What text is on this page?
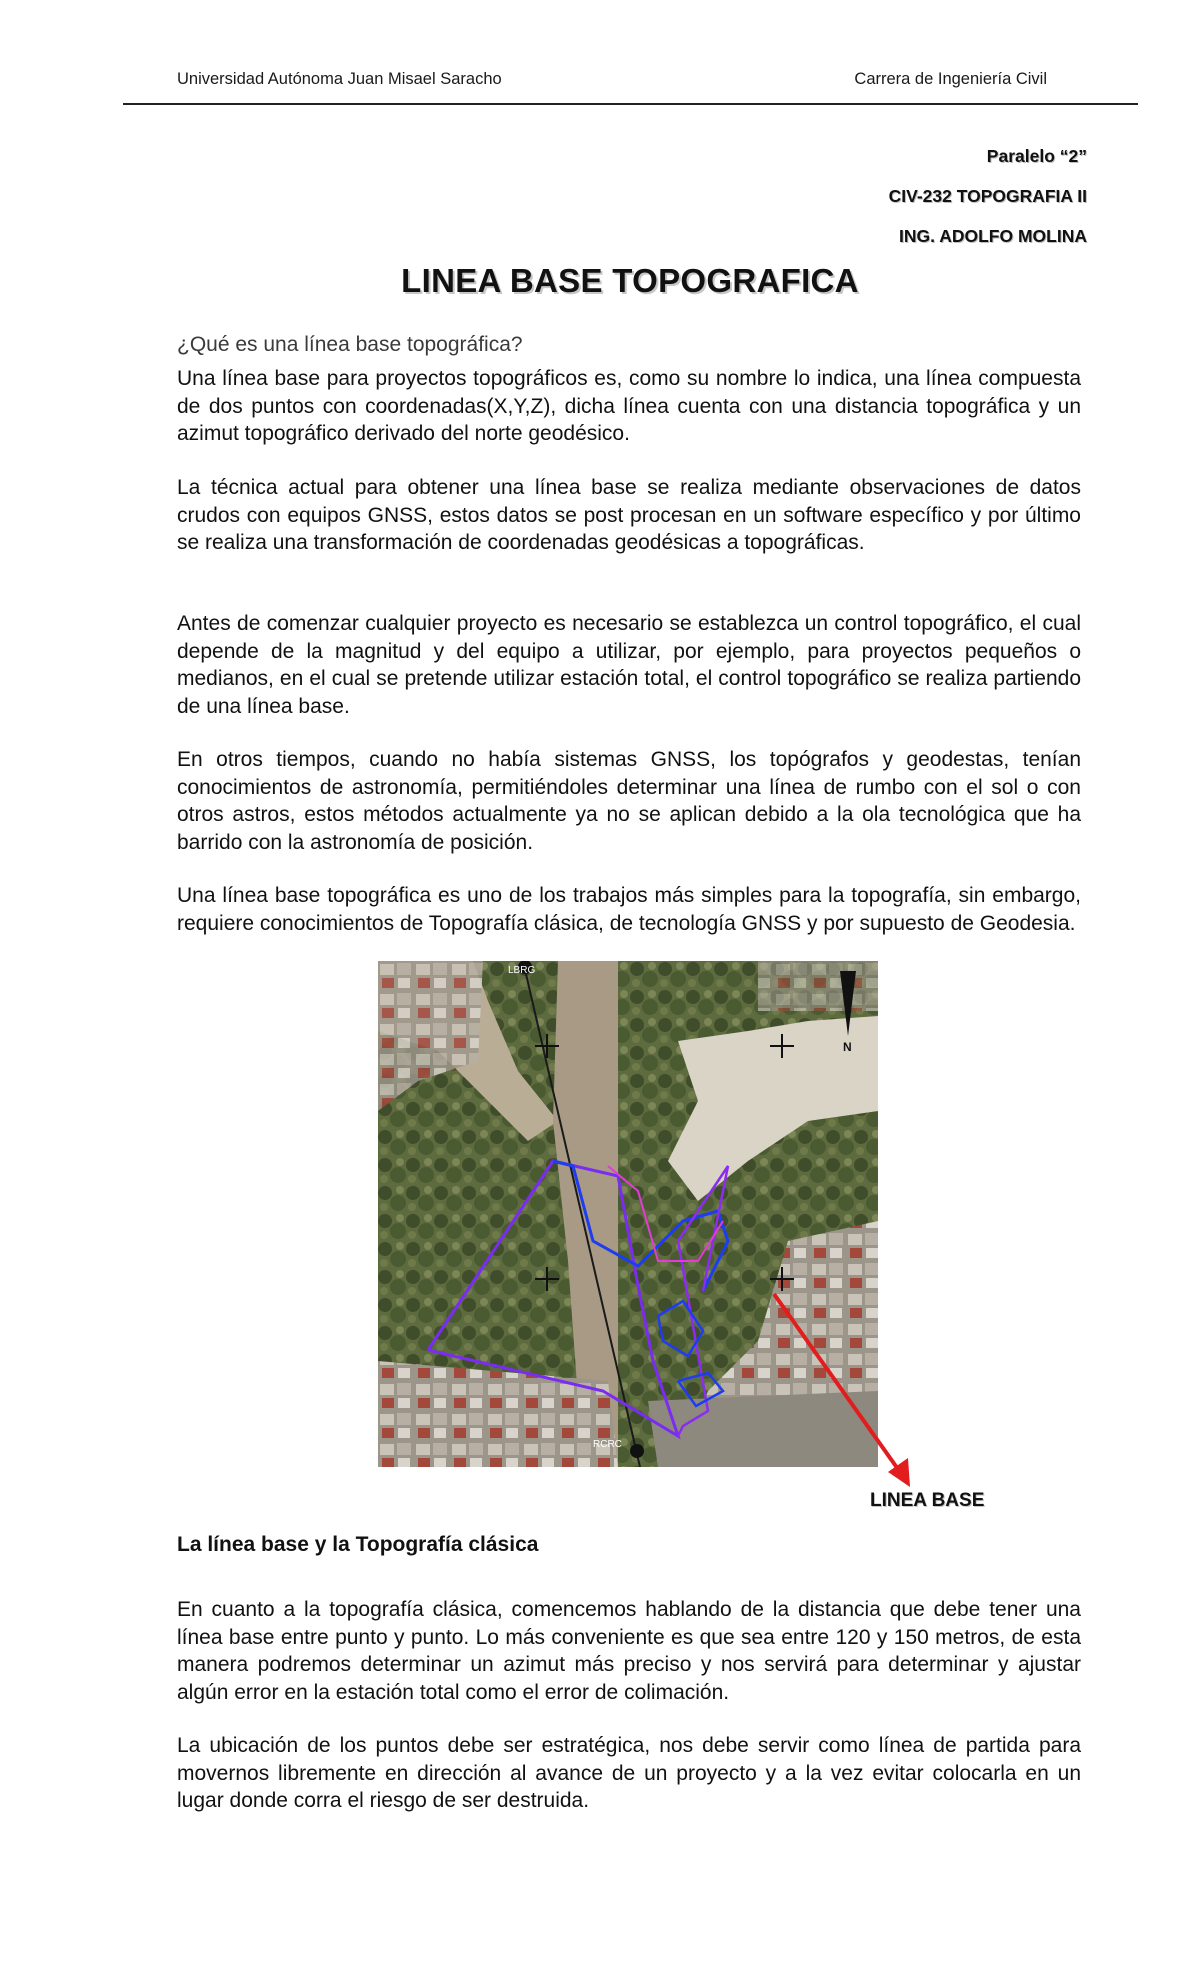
Universidad Autónoma Juan Misael Saracho	Carrera de Ingeniería Civil
Paralelo “2”
CIV-232 TOPOGRAFIA II
ING. ADOLFO MOLINA
LINEA BASE TOPOGRAFICA
¿Qué es una línea base topográfica?

Una línea base para proyectos topográficos es, como su nombre lo indica, una línea compuesta de dos puntos con coordenadas(X,Y,Z), dicha línea cuenta con una distancia topográfica y un azimut topográfico derivado del norte geodésico.

La técnica actual para obtener una línea base se realiza mediante observaciones de datos crudos con equipos GNSS, estos datos se post procesan en un software específico y por último se realiza una transformación de coordenadas geodésicas a topográficas.

Antes de comenzar cualquier proyecto es necesario se establezca un control topográfico, el cual depende de la magnitud y del equipo a utilizar, por ejemplo, para proyectos pequeños o medianos, en el cual se pretende utilizar estación total, el control topográfico se realiza partiendo de una línea base.

En otros tiempos, cuando no había sistemas GNSS, los topógrafos y geodestas, tenían conocimientos de astronomía, permitiéndoles determinar una línea de rumbo con el sol o con otros astros, estos métodos actualmente ya no se aplican debido a la ola tecnológica que ha barrido con la astronomía de posición.

Una línea base topográfica es uno de los trabajos más simples para la topografía, sin embargo, requiere conocimientos de Topografía clásica, de tecnología GNSS y por supuesto de Geodesia.

LBRG
RCRC
N
LINEA BASE
La línea base y la Topografía clásica

En cuanto a la topografía clásica, comencemos hablando de la distancia que debe tener una línea base entre punto y punto. Lo más conveniente es que sea entre 120 y 150 metros, de esta manera podremos determinar un azimut más preciso y nos servirá para determinar y ajustar algún error en la estación total como el error de colimación.

La ubicación de los puntos debe ser estratégica, nos debe servir como línea de partida para movernos libremente en dirección al avance de un proyecto y a la vez evitar colocarla en un lugar donde corra el riesgo de ser destruida.
